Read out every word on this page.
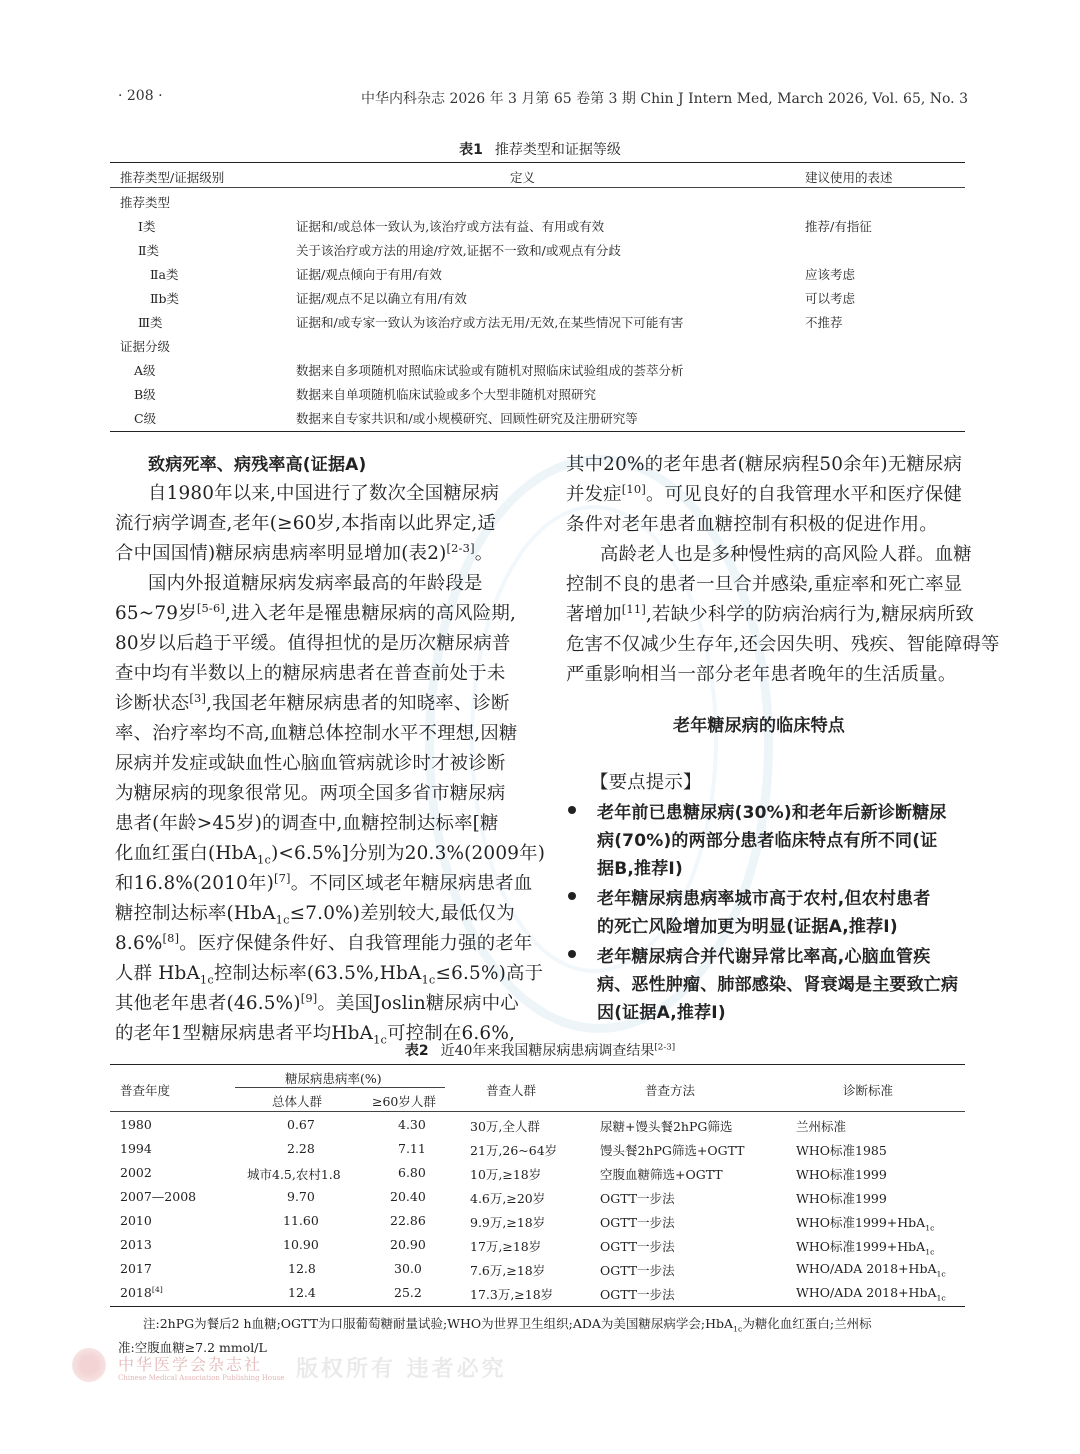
· 208 ·	中华内科杂志 2026 年 3 月第 65 卷第 3 期 Chin J Intern Med, March 2026, Vol. 65, No. 3
表1 推荐类型和证据等级
推荐类型/证据级别	定义	建议使用的表述
推荐类型
Ⅰ类	证据和/或总体一致认为,该治疗或方法有益、有用或有效	推荐/有指征
Ⅱ类	关于该治疗或方法的用途/疗效,证据不一致和/或观点有分歧
Ⅱa类	证据/观点倾向于有用/有效	应该考虑
Ⅱb类	证据/观点不足以确立有用/有效	可以考虑
Ⅲ类	证据和/或专家一致认为该治疗或方法无用/无效,在某些情况下可能有害	不推荐
证据分级
A级	数据来自多项随机对照临床试验或有随机对照临床试验组成的荟萃分析
B级	数据来自单项随机临床试验或多个大型非随机对照研究
C级	数据来自专家共识和/或小规模研究、回顾性研究及注册研究等
致病死率、病残率高(证据A)
自1980年以来,中国进行了数次全国糖尿病
流行病学调查,老年(≥60岁,本指南以此界定,适
合中国国情)糖尿病患病率明显增加(表2)[2-3]。
国内外报道糖尿病发病率最高的年龄段是
65~79岁[5-6],进入老年是罹患糖尿病的高风险期,
80岁以后趋于平缓。值得担忧的是历次糖尿病普
查中均有半数以上的糖尿病患者在普查前处于未
诊断状态[3],我国老年糖尿病患者的知晓率、诊断
率、治疗率均不高,血糖总体控制水平不理想,因糖
尿病并发症或缺血性心脑血管病就诊时才被诊断
为糖尿病的现象很常见。两项全国多省市糖尿病
患者(年龄>45岁)的调查中,血糖控制达标率[糖
化血红蛋白(HbA$_{1c}$)<6.5%]分别为20.3%(2009年)
和16.8%(2010年)[7]。不同区域老年糖尿病患者血
糖控制达标率(HbA$_{1c}$≤7.0%)差别较大,最低仅为
8.6%[8]。医疗保健条件好、自我管理能力强的老年
人群 HbA$_{1c}$控制达标率(63.5%,HbA$_{1c}$≤6.5%)高于
其他老年患者(46.5%)[9]。美国Joslin糖尿病中心
的老年1型糖尿病患者平均HbA$_{1c}$可控制在6.6%,
其中20%的老年患者(糖尿病程50余年)无糖尿病
并发症[10]。可见良好的自我管理水平和医疗保健
条件对老年患者血糖控制有积极的促进作用。
高龄老人也是多种慢性病的高风险人群。血糖
控制不良的患者一旦合并感染,重症率和死亡率显
著增加[11],若缺少科学的防病治病行为,糖尿病所致
危害不仅减少生存年,还会因失明、残疾、智能障碍等
严重影响相当一部分老年患者晚年的生活质量。
老年糖尿病的临床特点
【要点提示】
老年前已患糖尿病(30%)和老年后新诊断糖尿
病(70%)的两部分患者临床特点有所不同(证
据B,推荐Ⅰ)
老年糖尿病患病率城市高于农村,但农村患者
的死亡风险增加更为明显(证据A,推荐Ⅰ)
老年糖尿病合并代谢异常比率高,心脑血管疾
病、恶性肿瘤、肺部感染、肾衰竭是主要致亡病
因(证据A,推荐Ⅰ)
表2 近40年来我国糖尿病患病调查结果[2-3]
普查年度
糖尿病患病率(%)
总体人群	≥60岁人群
普查人群	普查方法	诊断标准
1980	0.67	4.30	30万,全人群	尿糖+馒头餐2hPG筛选	兰州标准
1994	2.28	7.11	21万,26~64岁	馒头餐2hPG筛选+OGTT	WHO标准1985
2002	城市4.5,农村1.8	6.80	10万,≥18岁	空腹血糖筛选+OGTT	WHO标准1999
2007—2008	9.70	20.40	4.6万,≥20岁	OGTT一步法	WHO标准1999
2010	11.60	22.86	9.9万,≥18岁	OGTT一步法	WHO标准1999+HbA$_{1c}$
2013	10.90	20.90	17万,≥18岁	OGTT一步法	WHO标准1999+HbA$_{1c}$
2017	12.8	30.0	7.6万,≥18岁	OGTT一步法	WHO/ADA 2018+HbA$_{1c}$
2018[4]	12.4	25.2	17.3万,≥18岁	OGTT一步法	WHO/ADA 2018+HbA$_{1c}$
注:2hPG为餐后2 h血糖;OGTT为口服葡萄糖耐量试验;WHO为世界卫生组织;ADA为美国糖尿病学会;HbA$_{1c}$为糖化血红蛋白;兰州标
准:空腹血糖≥7.2 mmol/L
中华医学会杂志社
Chinese Medical Association Publishing House 版权所有 违者必究
